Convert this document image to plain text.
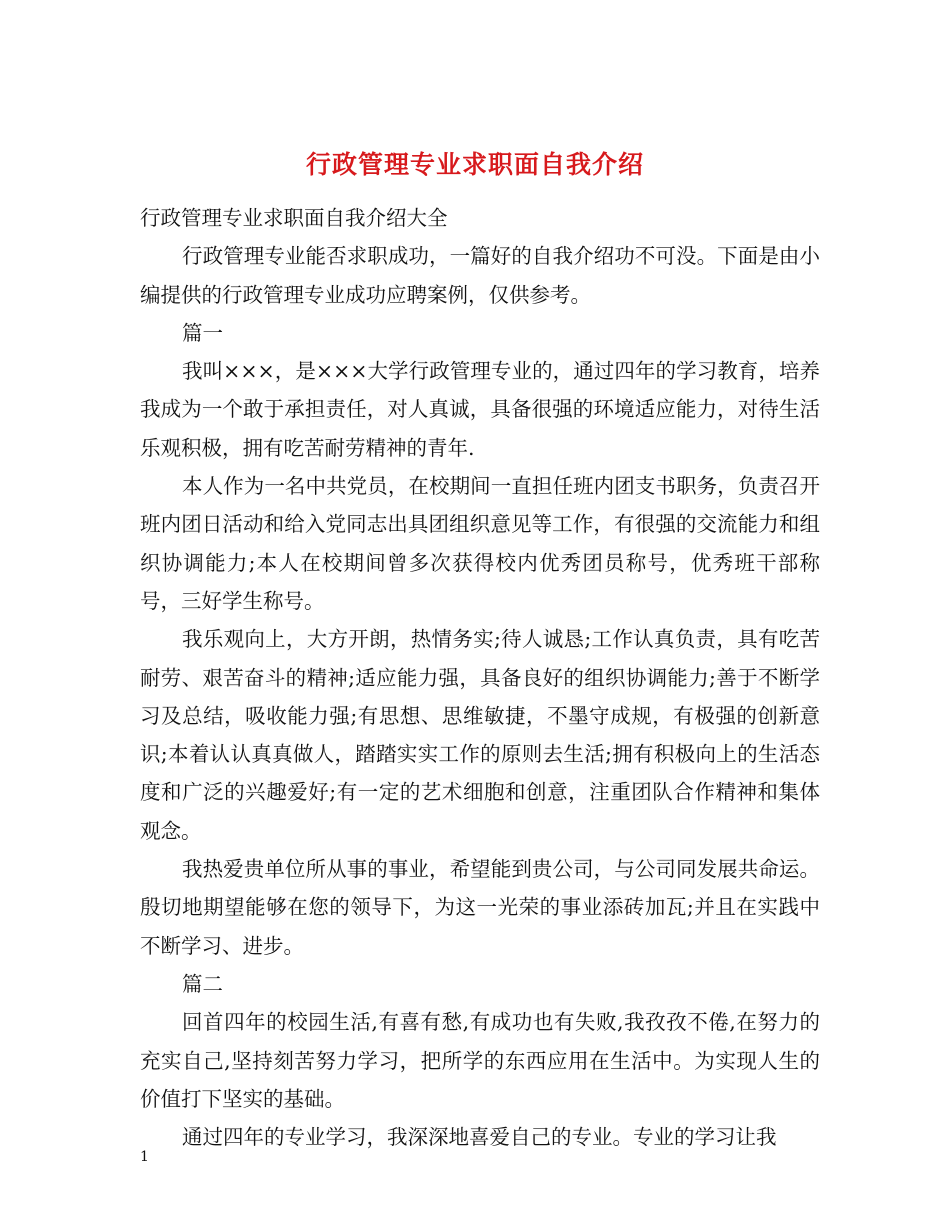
行政管理专业求职面自我介绍

行政管理专业求职面自我介绍大全

行政管理专业能否求职成功，一篇好的自我介绍功不可没。下面是由小编提供的行政管理专业成功应聘案例，仅供参考。

篇一

我叫×××，是×××大学行政管理专业的，通过四年的学习教育，培养我成为一个敢于承担责任，对人真诚，具备很强的环境适应能力，对待生活乐观积极，拥有吃苦耐劳精神的青年.

本人作为一名中共党员，在校期间一直担任班内团支书职务，负责召开班内团日活动和给入党同志出具团组织意见等工作，有很强的交流能力和组织协调能力;本人在校期间曾多次获得校内优秀团员称号，优秀班干部称号，三好学生称号。

我乐观向上，大方开朗，热情务实;待人诚恳;工作认真负责，具有吃苦耐劳、艰苦奋斗的精神;适应能力强，具备良好的组织协调能力;善于不断学习及总结，吸收能力强;有思想、思维敏捷，不墨守成规，有极强的创新意识;本着认认真真做人，踏踏实实工作的原则去生活;拥有积极向上的生活态度和广泛的兴趣爱好;有一定的艺术细胞和创意，注重团队合作精神和集体观念。

我热爱贵单位所从事的事业，希望能到贵公司，与公司同发展共命运。殷切地期望能够在您的领导下，为这一光荣的事业添砖加瓦;并且在实践中不断学习、进步。

篇二

回首四年的校园生活,有喜有愁,有成功也有失败,我孜孜不倦,在努力的充实自己,坚持刻苦努力学习，把所学的东西应用在生活中。为实现人生的价值打下坚实的基础。

通过四年的专业学习，我深深地喜爱自己的专业。专业的学习让我

1
